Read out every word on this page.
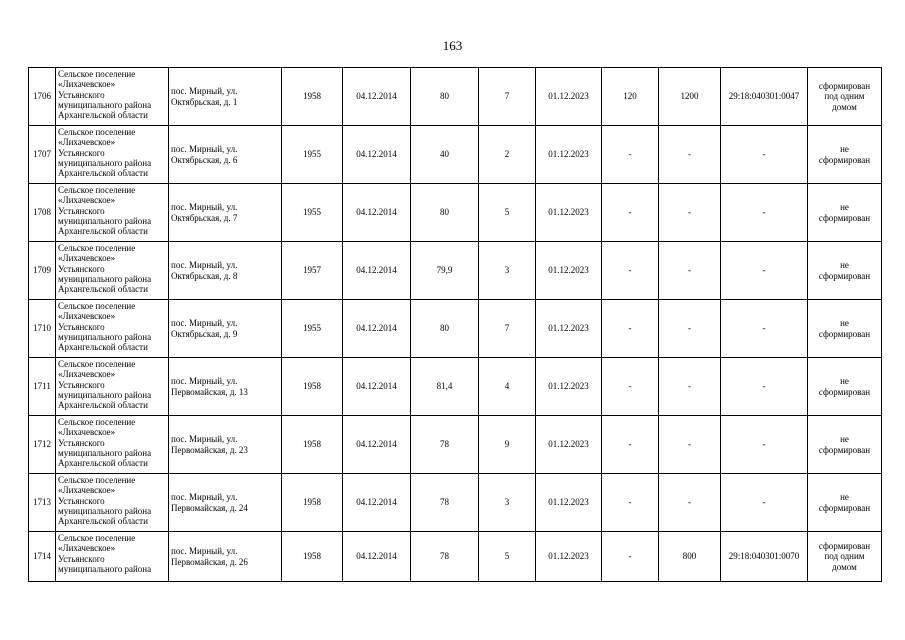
163
1706	Сельское поселение
«Лихачевское»
Устьянского
муниципального района
Архангельской области	пос. Мирный, ул.
Октябрьская, д. 1	1958	04.12.2014	80	7	01.12.2023	120	1200	29:18:040301:0047	сформирован
под одним
домом
1707	Сельское поселение
«Лихачевское»
Устьянского
муниципального района
Архангельской области	пос. Мирный, ул.
Октябрьская, д. 6	1955	04.12.2014	40	2	01.12.2023	-	-	-	не
сформирован
1708	Сельское поселение
«Лихачевское»
Устьянского
муниципального района
Архангельской области	пос. Мирный, ул.
Октябрьская, д. 7	1955	04.12.2014	80	5	01.12.2023	-	-	-	не
сформирован
1709	Сельское поселение
«Лихачевское»
Устьянского
муниципального района
Архангельской области	пос. Мирный, ул.
Октябрьская, д. 8	1957	04.12.2014	79,9	3	01.12.2023	-	-	-	не
сформирован
1710	Сельское поселение
«Лихачевское»
Устьянского
муниципального района
Архангельской области	пос. Мирный, ул.
Октябрьская, д. 9	1955	04.12.2014	80	7	01.12.2023	-	-	-	не
сформирован
1711	Сельское поселение
«Лихачевское»
Устьянского
муниципального района
Архангельской области	пос. Мирный, ул.
Первомайская, д. 13	1958	04.12.2014	81,4	4	01.12.2023	-	-	-	не
сформирован
1712	Сельское поселение
«Лихачевское»
Устьянского
муниципального района
Архангельской области	пос. Мирный, ул.
Первомайская, д. 23	1958	04.12.2014	78	9	01.12.2023	-	-	-	не
сформирован
1713	Сельское поселение
«Лихачевское»
Устьянского
муниципального района
Архангельской области	пос. Мирный, ул.
Первомайская, д. 24	1958	04.12.2014	78	3	01.12.2023	-	-	-	не
сформирован
1714	Сельское поселение
«Лихачевское»
Устьянского
муниципального района	пос. Мирный, ул.
Первомайская, д. 26	1958	04.12.2014	78	5	01.12.2023	-	800	29:18:040301:0070	сформирован
под одним
домом
